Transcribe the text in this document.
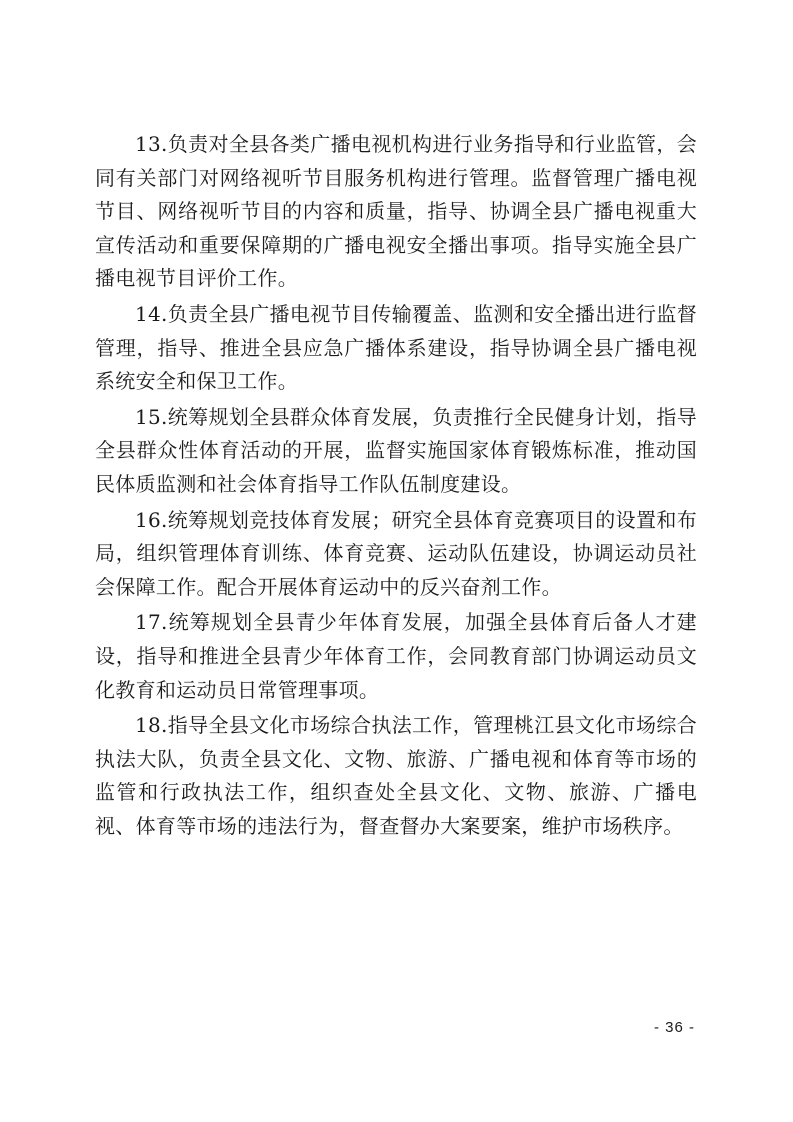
13.负责对全县各类广播电视机构进行业务指导和行业监管，会同有关部门对网络视听节目服务机构进行管理。监督管理广播电视节目、网络视听节目的内容和质量，指导、协调全县广播电视重大宣传活动和重要保障期的广播电视安全播出事项。指导实施全县广播电视节目评价工作。

14.负责全县广播电视节目传输覆盖、监测和安全播出进行监督管理，指导、推进全县应急广播体系建设，指导协调全县广播电视系统安全和保卫工作。

15.统筹规划全县群众体育发展，负责推行全民健身计划，指导全县群众性体育活动的开展，监督实施国家体育锻炼标准，推动国民体质监测和社会体育指导工作队伍制度建设。

16.统筹规划竞技体育发展；研究全县体育竞赛项目的设置和布局，组织管理体育训练、体育竞赛、运动队伍建设，协调运动员社会保障工作。配合开展体育运动中的反兴奋剂工作。

17.统筹规划全县青少年体育发展，加强全县体育后备人才建设，指导和推进全县青少年体育工作，会同教育部门协调运动员文化教育和运动员日常管理事项。

18.指导全县文化市场综合执法工作，管理桃江县文化市场综合执法大队，负责全县文化、文物、旅游、广播电视和体育等市场的监管和行政执法工作，组织查处全县文化、文物、旅游、广播电视、体育等市场的违法行为，督查督办大案要案，维护市场秩序。

- 36 -
